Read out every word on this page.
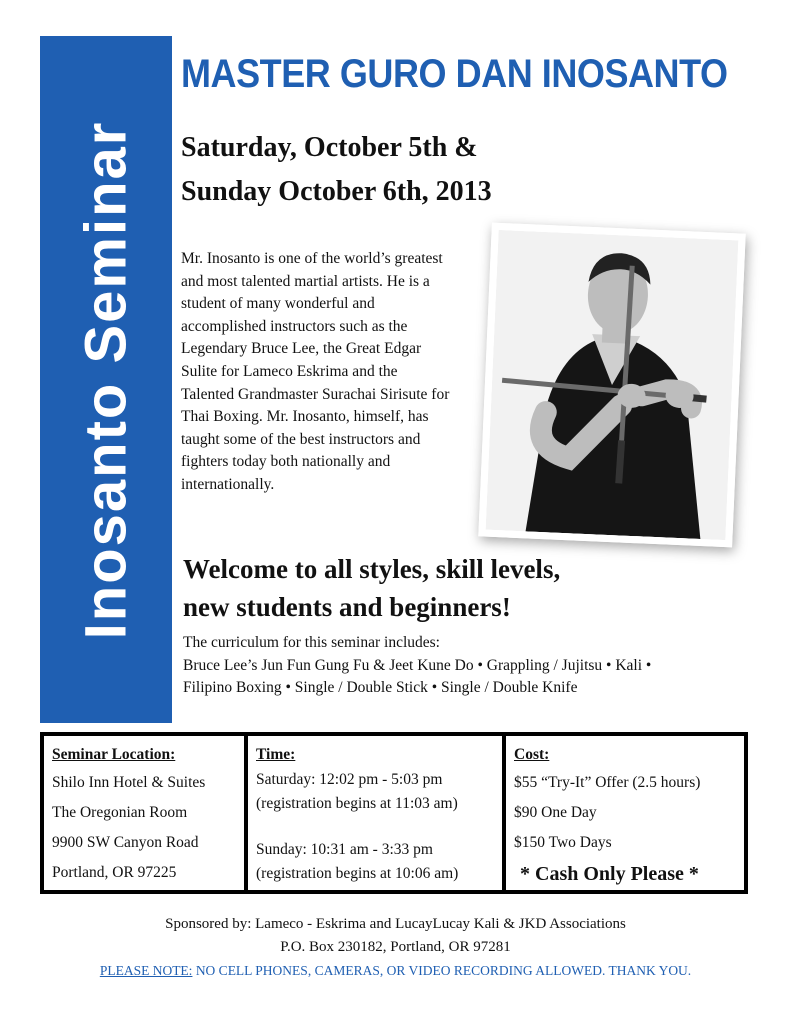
Inosanto Seminar
MASTER GURO DAN INOSANTO

Saturday, October 5th &

Sunday October 6th, 2013

Mr. Inosanto is one of the world’s greatest and most talented martial artists. He is a student of many wonderful and accomplished instructors such as the Legendary Bruce Lee, the Great Edgar Sulite for Lameco Eskrima and the Talented Grandmaster Surachai Sirisute for Thai Boxing. Mr. Inosanto, himself, has taught some of the best instructors and fighters today both nationally and internationally.

Welcome to all styles, skill levels,
new students and beginners!

The curriculum for this seminar includes:
Bruce Lee’s Jun Fun Gung Fu & Jeet Kune Do • Grappling / Jujitsu • Kali •
Filipino Boxing • Single / Double Stick • Single / Double Knife

Seminar Location:
Shilo Inn Hotel & Suites
The Oregonian Room
9900 SW Canyon Road
Portland, OR 97225
Time:
Saturday: 12:02 pm - 5:03 pm
(registration begins at 11:03 am)
Sunday: 10:31 am - 3:33 pm
(registration begins at 10:06 am)
Cost:
$55 “Try-It” Offer (2.5 hours)
$90 One Day
$150 Two Days
* Cash Only Please *
Sponsored by: Lameco - Eskrima and LucayLucay Kali & JKD Associations
P.O. Box 230182, Portland, OR 97281
PLEASE NOTE: NO CELL PHONES, CAMERAS, OR VIDEO RECORDING ALLOWED. THANK YOU.
